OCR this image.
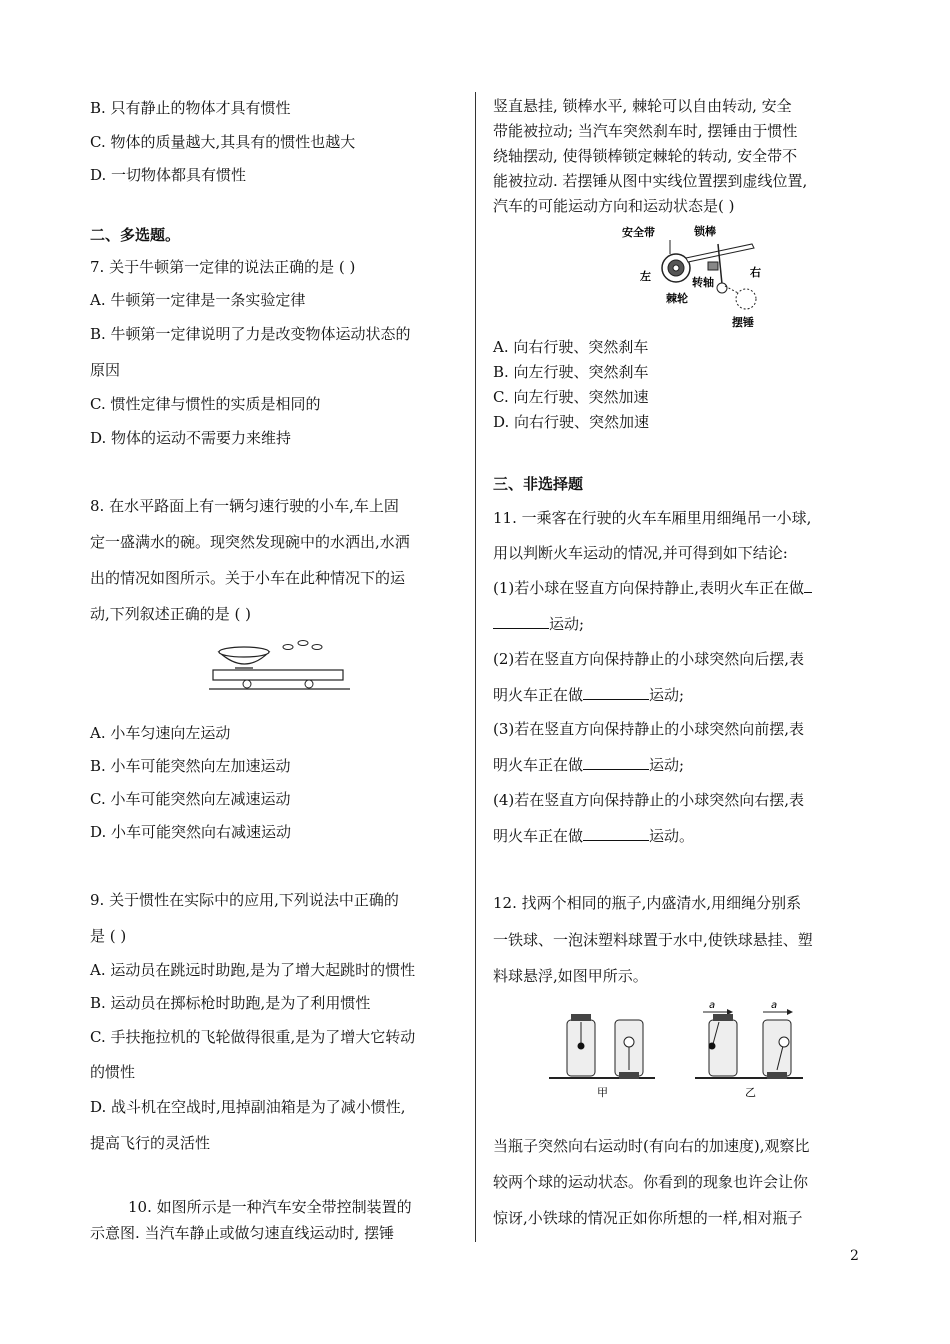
B. 只有静止的物体才具有惯性
C. 物体的质量越大,其具有的惯性也越大
D. 一切物体都具有惯性
二、多选题。
7. 关于牛顿第一定律的说法正确的是 ( )
A. 牛顿第一定律是一条实验定律
B. 牛顿第一定律说明了力是改变物体运动状态的
原因
C. 惯性定律与惯性的实质是相同的
D. 物体的运动不需要力来维持
8. 在水平路面上有一辆匀速行驶的小车,车上固
定一盛满水的碗。现突然发现碗中的水洒出,水洒
出的情况如图所示。关于小车在此种情况下的运
动,下列叙述正确的是 ( )
A. 小车匀速向左运动
B. 小车可能突然向左加速运动
C. 小车可能突然向左减速运动
D. 小车可能突然向右减速运动
9. 关于惯性在实际中的应用,下列说法中正确的
是 ( )
A. 运动员在跳远时助跑,是为了增大起跳时的惯性
B. 运动员在掷标枪时助跑,是为了利用惯性
C. 手扶拖拉机的飞轮做得很重,是为了增大它转动
的惯性
D. 战斗机在空战时,甩掉副油箱是为了减小惯性,
提高飞行的灵活性
10. 如图所示是一种汽车安全带控制装置的
示意图. 当汽车静止或做匀速直线运动时, 摆锤
竖直悬挂, 锁棒水平, 棘轮可以自由转动, 安全
带能被拉动; 当汽车突然刹车时, 摆锤由于惯性
绕轴摆动, 使得锁棒锁定棘轮的转动, 安全带不
能被拉动. 若摆锤从图中实线位置摆到虚线位置,
汽车的可能运动方向和运动状态是( )
安全带	锁棒
左	右
转轴
棘轮
摆锤
A. 向右行驶、突然刹车
B. 向左行驶、突然刹车
C. 向左行驶、突然加速
D. 向右行驶、突然加速
三、非选择题
11. 一乘客在行驶的火车车厢里用细绳吊一小球,
用以判断火车运动的情况,并可得到如下结论:
(1)若小球在竖直方向保持静止,表明火车正在做
运动;
(2)若在竖直方向保持静止的小球突然向后摆,表
明火车正在做	运动;
(3)若在竖直方向保持静止的小球突然向前摆,表
明火车正在做	运动;
(4)若在竖直方向保持静止的小球突然向右摆,表
明火车正在做	运动。
12. 找两个相同的瓶子,内盛清水,用细绳分别系
一铁球、一泡沫塑料球置于水中,使铁球悬挂、塑
料球悬浮,如图甲所示。
甲
a	a
乙
当瓶子突然向右运动时(有向右的加速度),观察比
较两个球的运动状态。你看到的现象也许会让你
惊讶,小铁球的情况正如你所想的一样,相对瓶子
2
